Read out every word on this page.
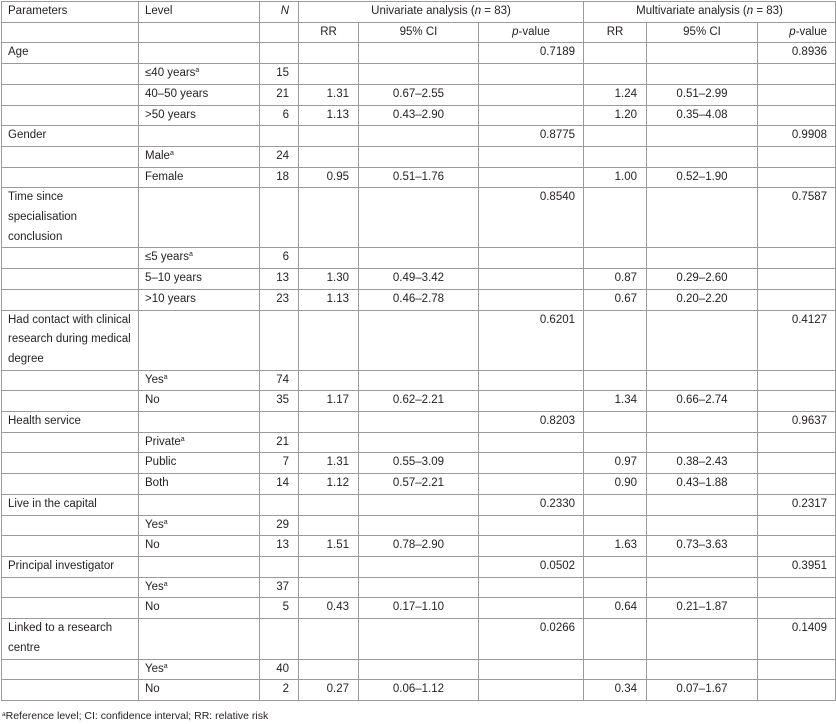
Parameters	Level	N	Univariate analysis (n = 83)			Multivariate analysis (n = 83)		
			RR	95% CI	p-value	RR	95% CI	p-value
Age					0.7189			0.8936
	≤40 years$^a$	15						
	40–50 years	21	1.31	0.67–2.55		1.24	0.51–2.99	
	>50 years	6	1.13	0.43–2.90		1.20	0.35–4.08	
Gender					0.8775			0.9908
	Male$^a$	24						
	Female	18	0.95	0.51–1.76		1.00	0.52–1.90	
Time since specialisation conclusion					0.8540			0.7587
	≤5 years$^a$	6						
	5–10 years	13	1.30	0.49–3.42		0.87	0.29–2.60	
	>10 years	23	1.13	0.46–2.78		0.67	0.20–2.20	
Had contact with clinical research during medical degree					0.6201			0.4127
	Yes$^a$	74						
	No	35	1.17	0.62–2.21		1.34	0.66–2.74	
Health service					0.8203			0.9637
	Private$^a$	21						
	Public	7	1.31	0.55–3.09		0.97	0.38–2.43	
	Both	14	1.12	0.57–2.21		0.90	0.43–1.88	
Live in the capital					0.2330			0.2317
	Yes$^a$	29						
	No	13	1.51	0.78–2.90		1.63	0.73–3.63	
Principal investigator					0.0502			0.3951
	Yes$^a$	37						
	No	5	0.43	0.17–1.10		0.64	0.21–1.87	
Linked to a research centre					0.0266			0.1409
	Yes$^a$	40						
	No	2	0.27	0.06–1.12		0.34	0.07–1.67	
$^a$Reference level; CI: confidence interval; RR: relative risk
